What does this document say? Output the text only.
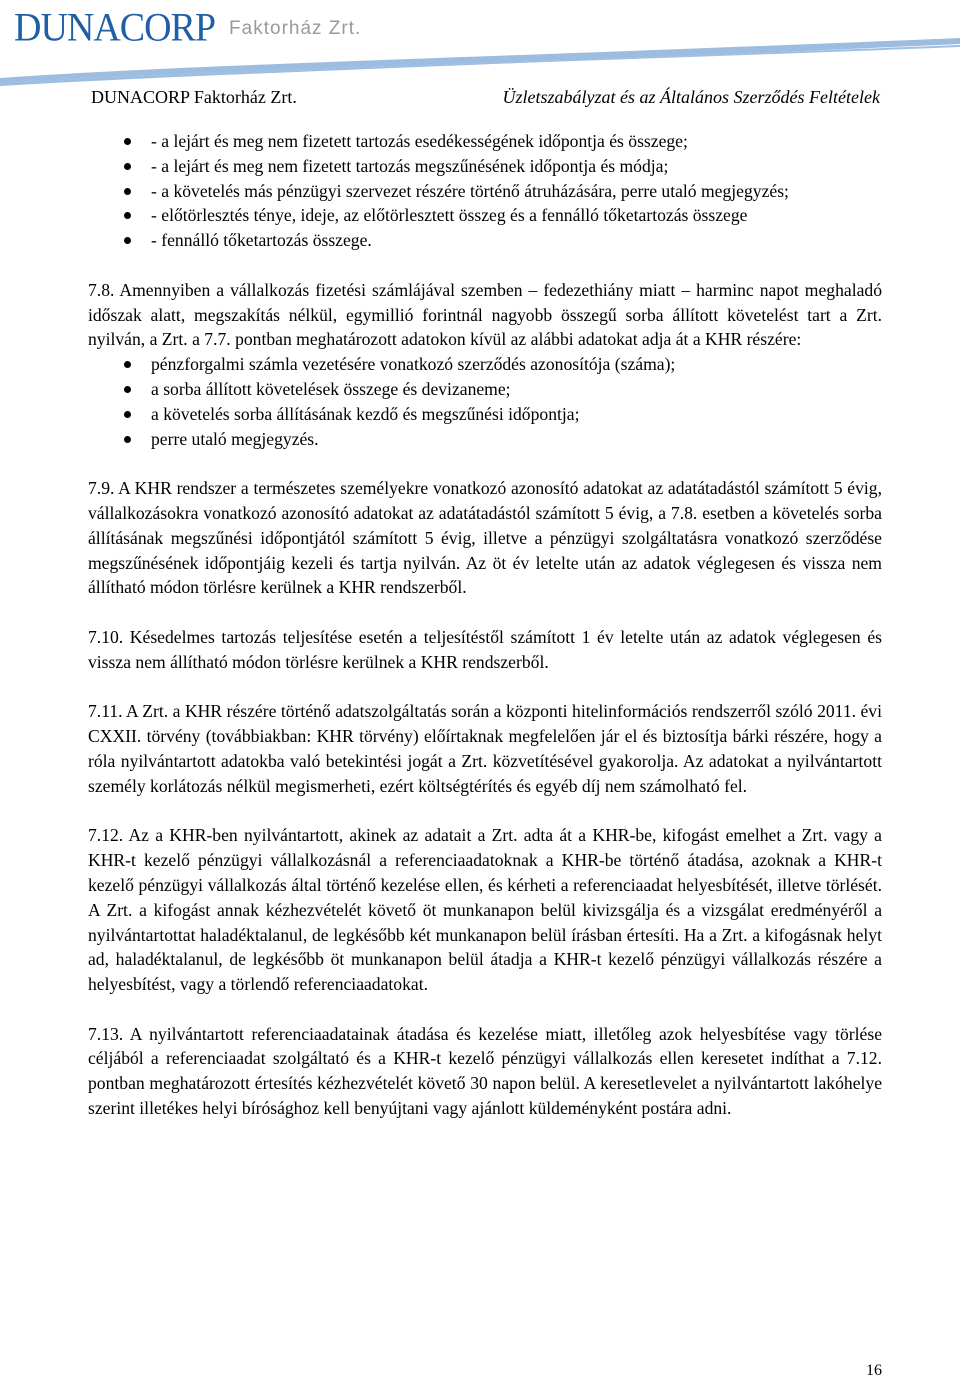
DUNACORP Faktorház Zrt.
DUNACORP Faktorház Zrt.	Üzletszabályzat és az Általános Szerződés Feltételek
- a lejárt és meg nem fizetett tartozás esedékességének időpontja és összege;
- a lejárt és meg nem fizetett tartozás megszűnésének időpontja és módja;
- a követelés más pénzügyi szervezet részére történő átruházására, perre utaló megjegyzés;
- előtörlesztés ténye, ideje, az előtörlesztett összeg és a fennálló tőketartozás összege
- fennálló tőketartozás összege.

7.8. Amennyiben a vállalkozás fizetési számlájával szemben – fedezethiány miatt – harminc napot meghaladó időszak alatt, megszakítás nélkül, egymillió forintnál nagyobb összegű sorba állított követelést tart a Zrt. nyilván, a Zrt. a 7.7. pontban meghatározott adatokon kívül az alábbi adatokat adja át a KHR részére:

pénzforgalmi számla vezetésére vonatkozó szerződés azonosítója (száma);
a sorba állított követelések összege és devizaneme;
a követelés sorba állításának kezdő és megszűnési időpontja;
perre utaló megjegyzés.

7.9. A KHR rendszer a természetes személyekre vonatkozó azonosító adatokat az adatátadástól számított 5 évig, vállalkozásokra vonatkozó azonosító adatokat az adatátadástól számított 5 évig, a 7.8. esetben a követelés sorba állításának megszűnési időpontjától számított 5 évig, illetve a pénzügyi szolgáltatásra vonatkozó szerződése megszűnésének időpontjáig kezeli és tartja nyilván. Az öt év letelte után az adatok véglegesen és vissza nem állítható módon törlésre kerülnek a KHR rendszerből.

7.10. Késedelmes tartozás teljesítése esetén a teljesítéstől számított 1 év letelte után az adatok véglegesen és vissza nem állítható módon törlésre kerülnek a KHR rendszerből.

7.11. A Zrt. a KHR részére történő adatszolgáltatás során a központi hitelinformációs rendszerről szóló 2011. évi CXXII. törvény (továbbiakban: KHR törvény) előírtaknak megfelelően jár el és biztosítja bárki részére, hogy a róla nyilvántartott adatokba való betekintési jogát a Zrt. közvetítésével gyakorolja. Az adatokat a nyilvántartott személy korlátozás nélkül megismerheti, ezért költségtérítés és egyéb díj nem számolható fel.

7.12. Az a KHR-ben nyilvántartott, akinek az adatait a Zrt. adta át a KHR-be, kifogást emelhet a Zrt. vagy a KHR-t kezelő pénzügyi vállalkozásnál a referenciaadatoknak a KHR-be történő átadása, azoknak a KHR-t kezelő pénzügyi vállalkozás által történő kezelése ellen, és kérheti a referenciaadat helyesbítését, illetve törlését. A Zrt. a kifogást annak kézhezvételét követő öt munkanapon belül kivizsgálja és a vizsgálat eredményéről a nyilvántartottat haladéktalanul, de legkésőbb két munkanapon belül írásban értesíti. Ha a Zrt. a kifogásnak helyt ad, haladéktalanul, de legkésőbb öt munkanapon belül átadja a KHR-t kezelő pénzügyi vállalkozás részére a helyesbítést, vagy a törlendő referenciaadatokat.

7.13. A nyilvántartott referenciaadatainak átadása és kezelése miatt, illetőleg azok helyesbítése vagy törlése céljából a referenciaadat szolgáltató és a KHR-t kezelő pénzügyi vállalkozás ellen keresetet indíthat a 7.12. pontban meghatározott értesítés kézhezvételét követő 30 napon belül. A keresetlevelet a nyilvántartott lakóhelye szerint illetékes helyi bírósághoz kell benyújtani vagy ajánlott küldeményként postára adni.

16
